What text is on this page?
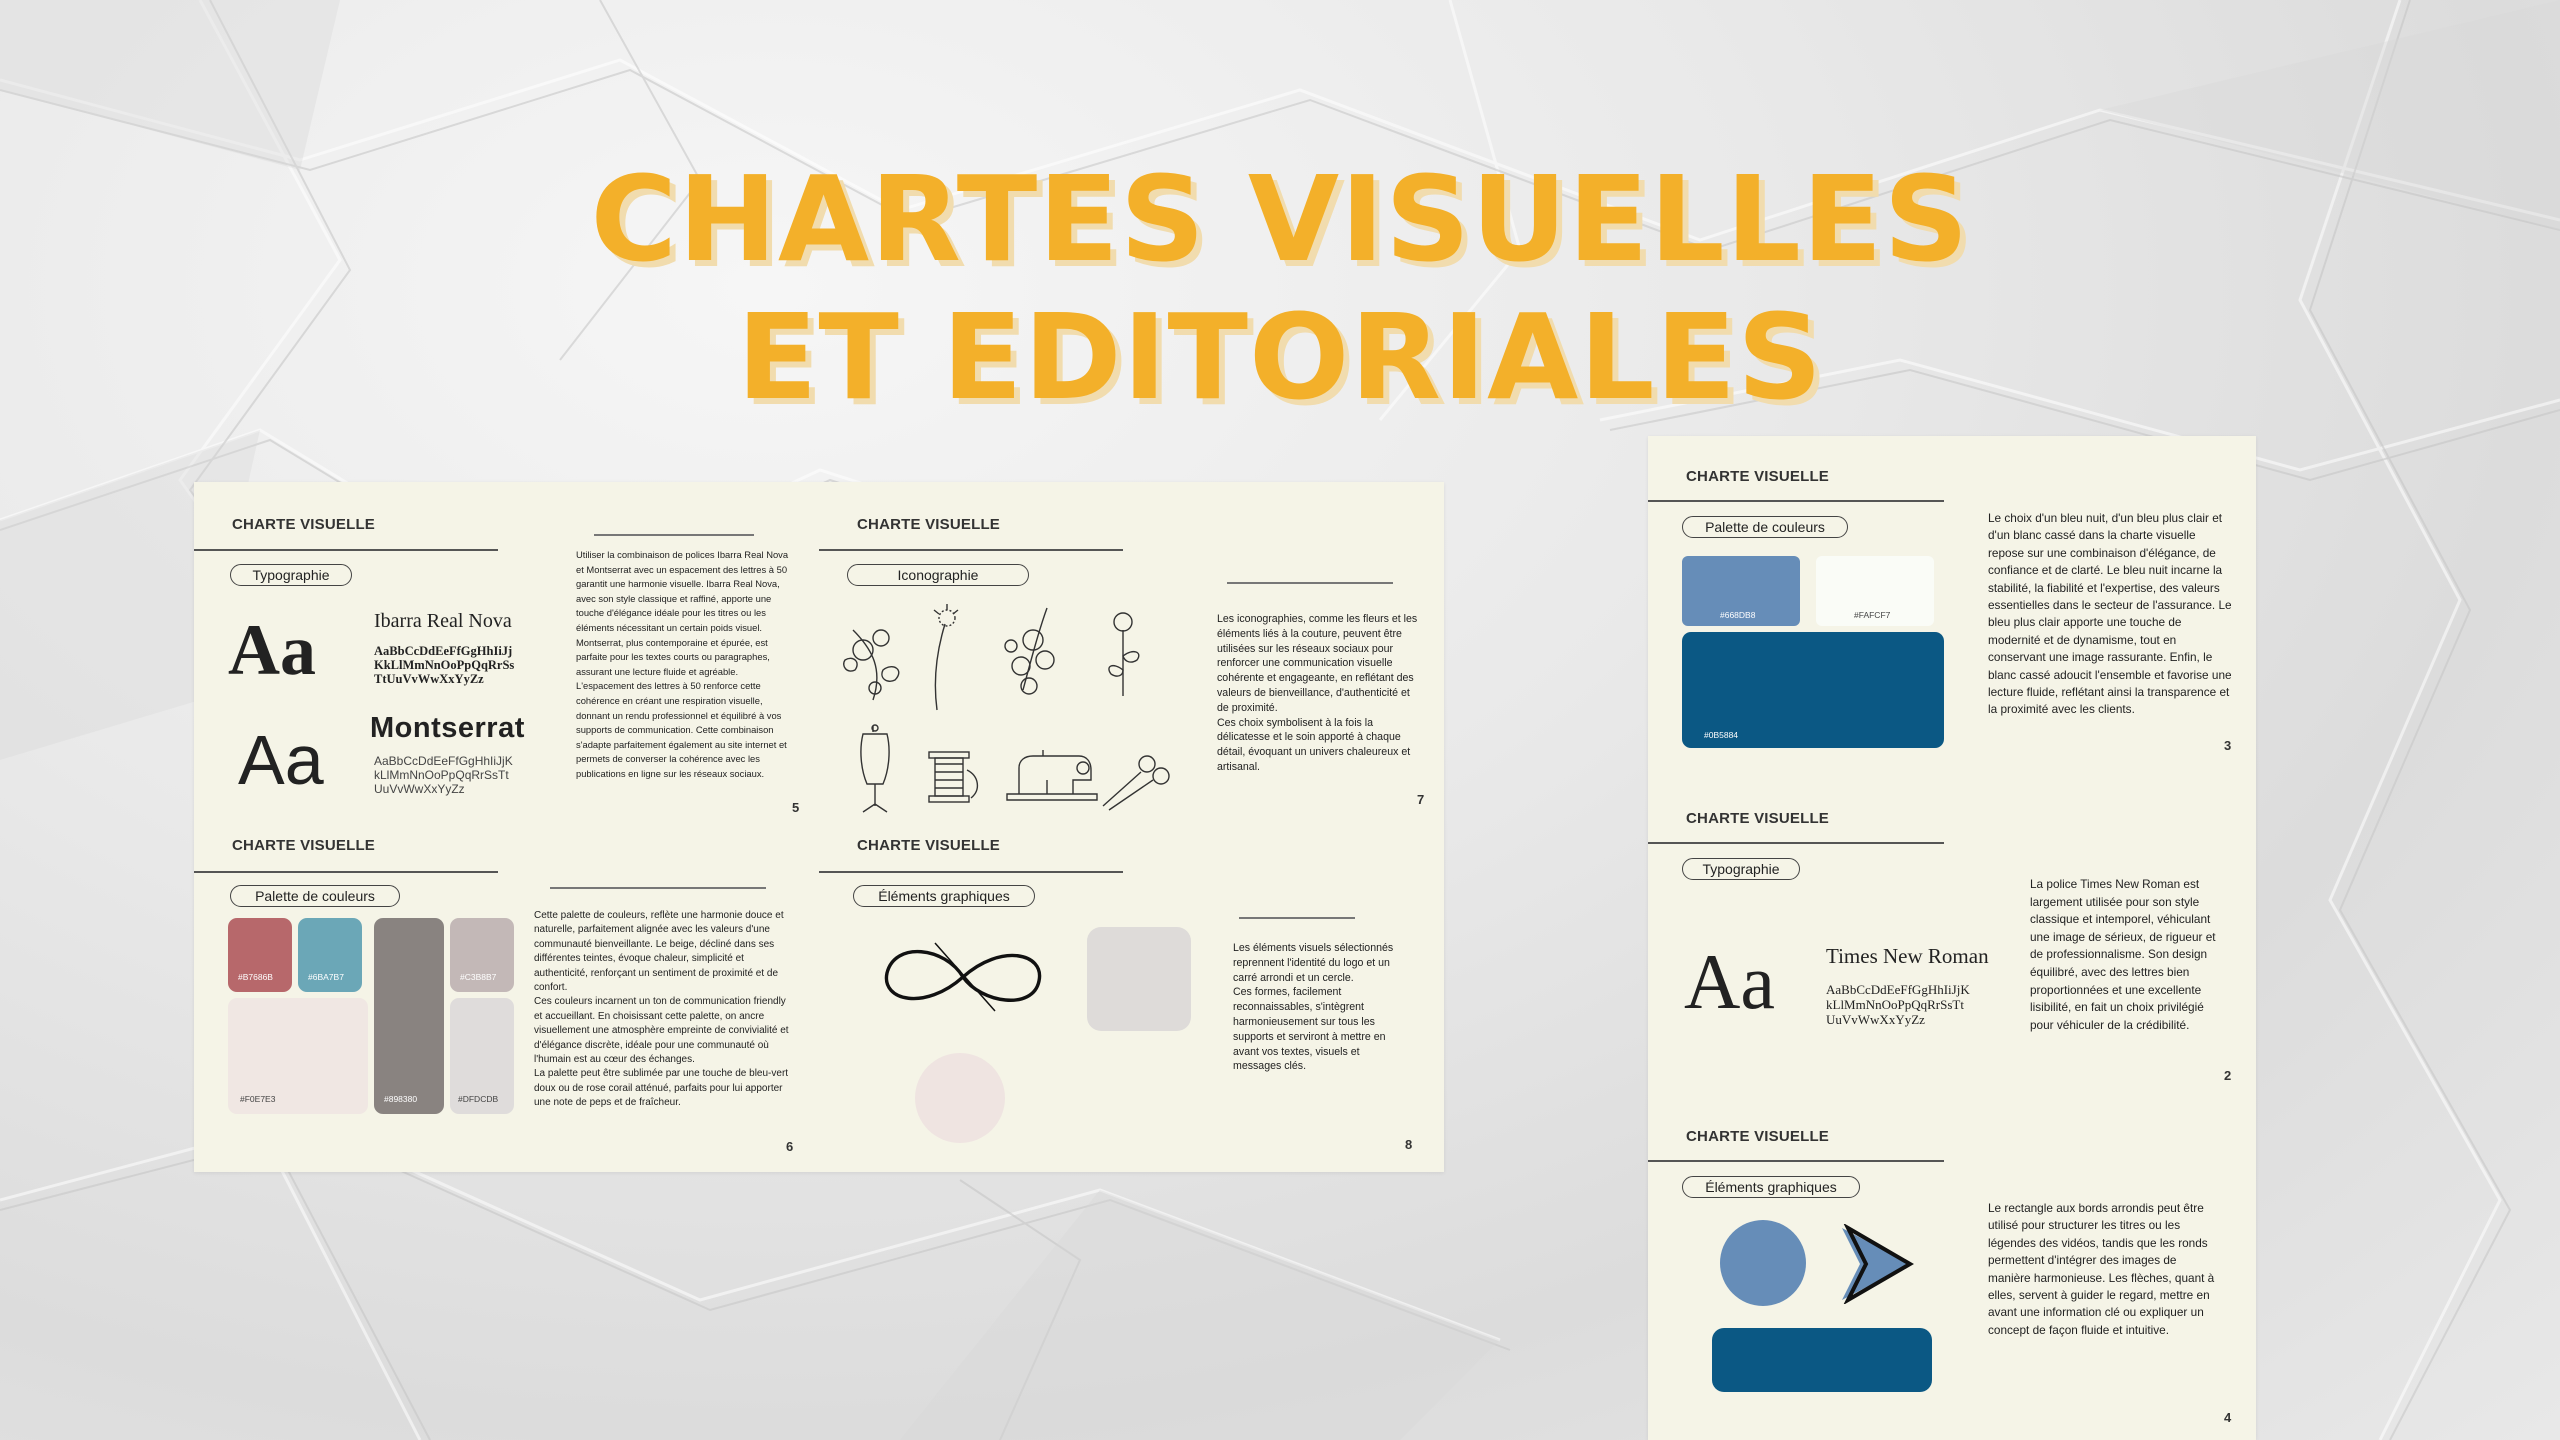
CHARTES VISUELLES
ET EDITORIALES
CHARTE VISUELLE
Typographie
Aa	Ibarra Real Nova
AaBbCcDdEeFfGgHhIiJj
KkLlMmNnOoPpQqRrSs
TtUuVvWwXxYyZz
Aa Montserrat
AaBbCcDdEeFfGgHhIiJjK
kLlMmNnOoPpQqRrSsTt
UuVvWwXxYyZz
Utiliser la combinaison de polices Ibarra Real Nova et Montserrat avec un espacement des lettres à 50 garantit une harmonie visuelle. Ibarra Real Nova, avec son style classique et raffiné, apporte une touche d'élégance idéale pour les titres ou les éléments nécessitant un certain poids visuel. Montserrat, plus contemporaine et épurée, est parfaite pour les textes courts ou paragraphes, assurant une lecture fluide et agréable. L'espacement des lettres à 50 renforce cette cohérence en créant une respiration visuelle, donnant un rendu professionnel et équilibré à vos supports de communication. Cette combinaison s'adapte parfaitement également au site internet et permets de converser la cohérence avec les publications en ligne sur les réseaux sociaux.
5
CHARTE VISUELLE
Iconographie
Les iconographies, comme les fleurs et les éléments liés à la couture, peuvent être utilisées sur les réseaux sociaux pour renforcer une communication visuelle cohérente et engageante, en reflétant des valeurs de bienveillance, d'authenticité et de proximité.
Ces choix symbolisent à la fois la délicatesse et le soin apporté à chaque détail, évoquant un univers chaleureux et artisanal.
7
CHARTE VISUELLE
Palette de couleurs
#B7686B	#6BA7B7
#898380
#C3B8B7
#F0E7E3	#DFDCDB
Cette palette de couleurs, reflète une harmonie douce et naturelle, parfaitement alignée avec les valeurs d'une communauté bienveillante. Le beige, décliné dans ses différentes teintes, évoque chaleur, simplicité et authenticité, renforçant un sentiment de proximité et de confort.
Ces couleurs incarnent un ton de communication friendly et accueillant. En choisissant cette palette, on ancre visuellement une atmosphère empreinte de convivialité et d'élégance discrète, idéale pour une communauté où l'humain est au cœur des échanges.
La palette peut être sublimée par une touche de bleu-vert doux ou de rose corail atténué, parfaits pour lui apporter une note de peps et de fraîcheur.
6
CHARTE VISUELLE
Éléments graphiques
Les éléments visuels sélectionnés reprennent l'identité du logo et un carré arrondi et un cercle.
Ces formes, facilement reconnaissables, s'intègrent harmonieusement sur tous les supports et serviront à mettre en avant vos textes, visuels et messages clés.
8
CHARTE VISUELLE
Palette de couleurs
#668DB8	#FAFCF7
#0B5884
Le choix d'un bleu nuit, d'un bleu plus clair et d'un blanc cassé dans la charte visuelle repose sur une combinaison d'élégance, de confiance et de clarté. Le bleu nuit incarne la stabilité, la fiabilité et l'expertise, des valeurs essentielles dans le secteur de l'assurance. Le bleu plus clair apporte une touche de modernité et de dynamisme, tout en conservant une image rassurante. Enfin, le blanc cassé adoucit l'ensemble et favorise une lecture fluide, reflétant ainsi la transparence et la proximité avec les clients.
3
CHARTE VISUELLE
Typographie
Aa Times New Roman
AaBbCcDdEeFfGgHhIiJjK
kLlMmNnOoPpQqRrSsTt
UuVvWwXxYyZz
La police Times New Roman est largement utilisée pour son style classique et intemporel, véhiculant une image de sérieux, de rigueur et de professionnalisme. Son design équilibré, avec des lettres bien proportionnées et une excellente lisibilité, en fait un choix privilégié pour véhiculer de la crédibilité.
2
CHARTE VISUELLE
Éléments graphiques
Le rectangle aux bords arrondis peut être utilisé pour structurer les titres ou les légendes des vidéos, tandis que les ronds permettent d'intégrer des images de manière harmonieuse. Les flèches, quant à elles, servent à guider le regard, mettre en avant une information clé ou expliquer un concept de façon fluide et intuitive.
4
